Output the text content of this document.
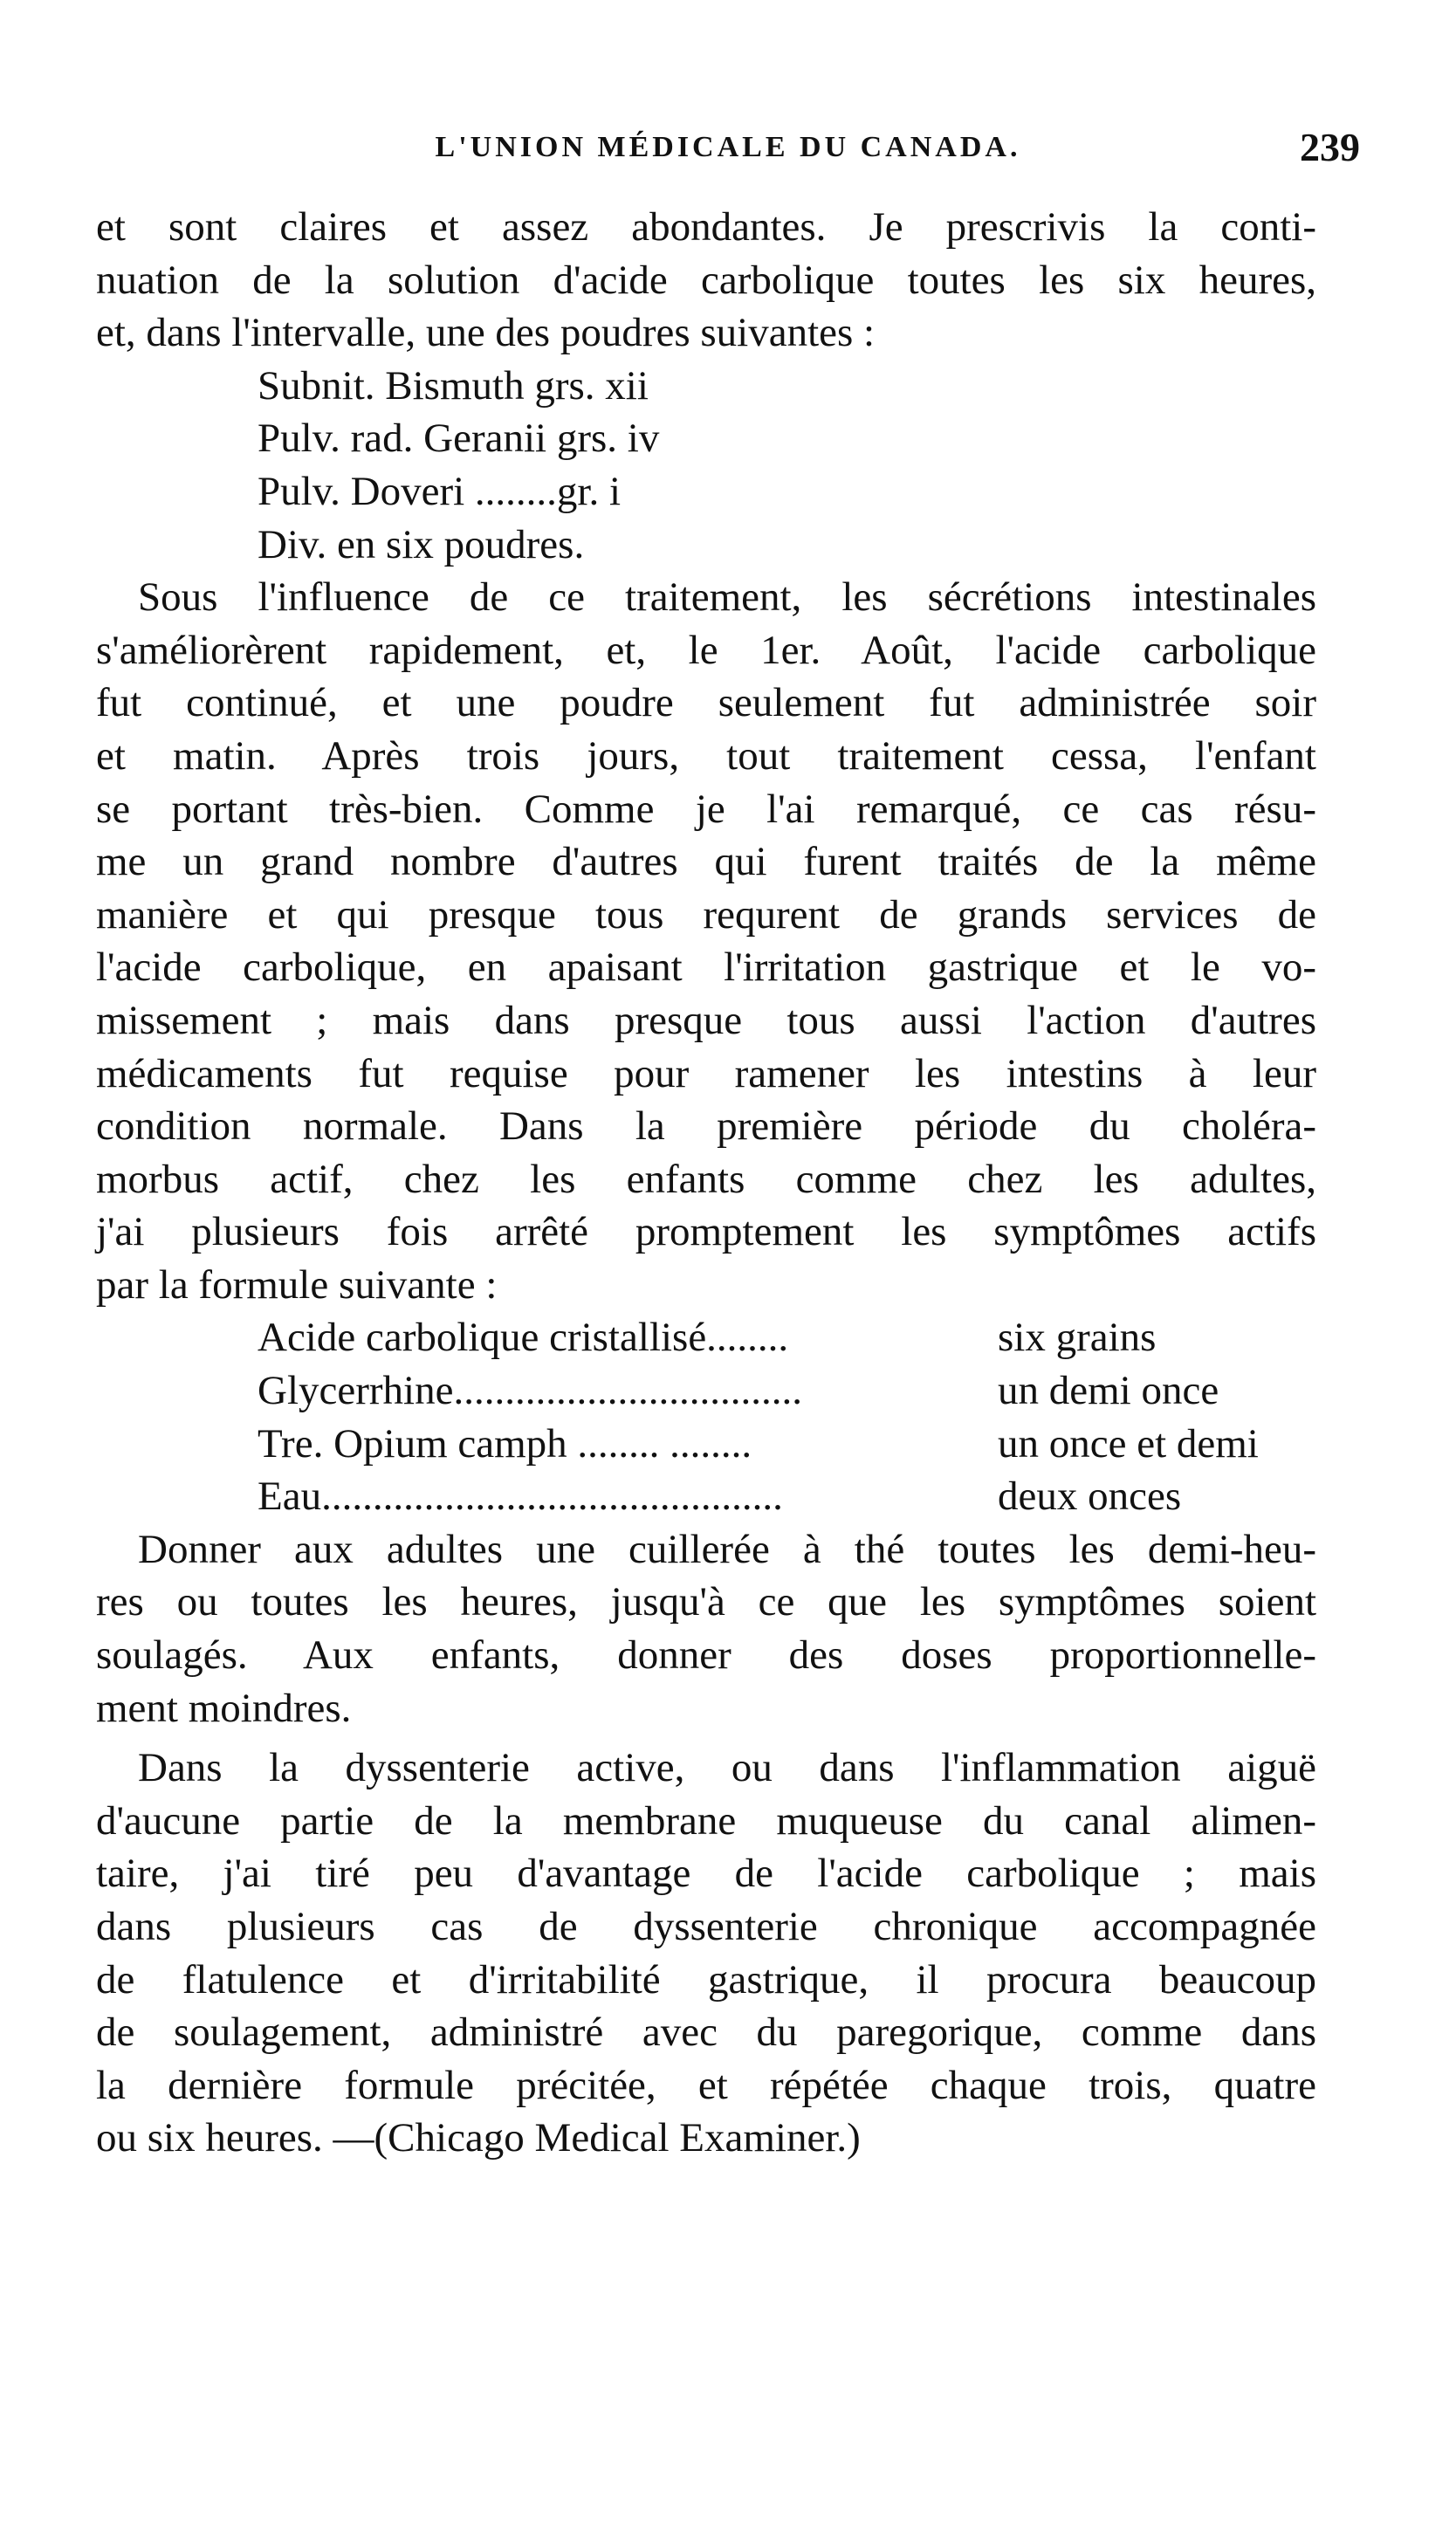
L'UNION MÉDICALE DU CANADA.	239

et sont claires et assez abondantes. Je prescrivis la conti-

nuation de la solution d'acide carbolique toutes les six heures,

et, dans l'intervalle, une des poudres suivantes :

Subnit. Bismuth grs. xii

Pulv. rad. Geranii grs. iv

Pulv. Doveri ........gr. i

Div. en six poudres.

Sous l'influence de ce traitement, les sécrétions intestinales

s'améliorèrent rapidement, et, le 1er. Août, l'acide carbolique

fut continué, et une poudre seulement fut administrée soir

et matin. Après trois jours, tout traitement cessa, l'enfant

se portant très-bien. Comme je l'ai remarqué, ce cas résu-

me un grand nombre d'autres qui furent traités de la même

manière et qui presque tous requrent de grands services de

l'acide carbolique, en apaisant l'irritation gastrique et le vo-

missement ; mais dans presque tous aussi l'action d'autres

médicaments fut requise pour ramener les intestins à leur

condition normale. Dans la première période du choléra-

morbus actif, chez les enfants comme chez les adultes,

j'ai plusieurs fois arrêté promptement les symptômes actifs

par la formule suivante :

Acide carbolique cristallisé........	six grains
Glycerrhine..................................	un demi once
Tre. Opium camph ........ ........	un once et demi
Eau.............................................	deux onces

Donner aux adultes une cuillerée à thé toutes les demi-heu-

res ou toutes les heures, jusqu'à ce que les symptômes soient

soulagés. Aux enfants, donner des doses proportionnelle-

ment moindres.

Dans la dyssenterie active, ou dans l'inflammation aiguë

d'aucune partie de la membrane muqueuse du canal alimen-

taire, j'ai tiré peu d'avantage de l'acide carbolique ; mais

dans plusieurs cas de dyssenterie chronique accompagnée

de flatulence et d'irritabilité gastrique, il procura beaucoup

de soulagement, administré avec du paregorique, comme dans

la dernière formule précitée, et répétée chaque trois, quatre

ou six heures. —(Chicago Medical Examiner.)
